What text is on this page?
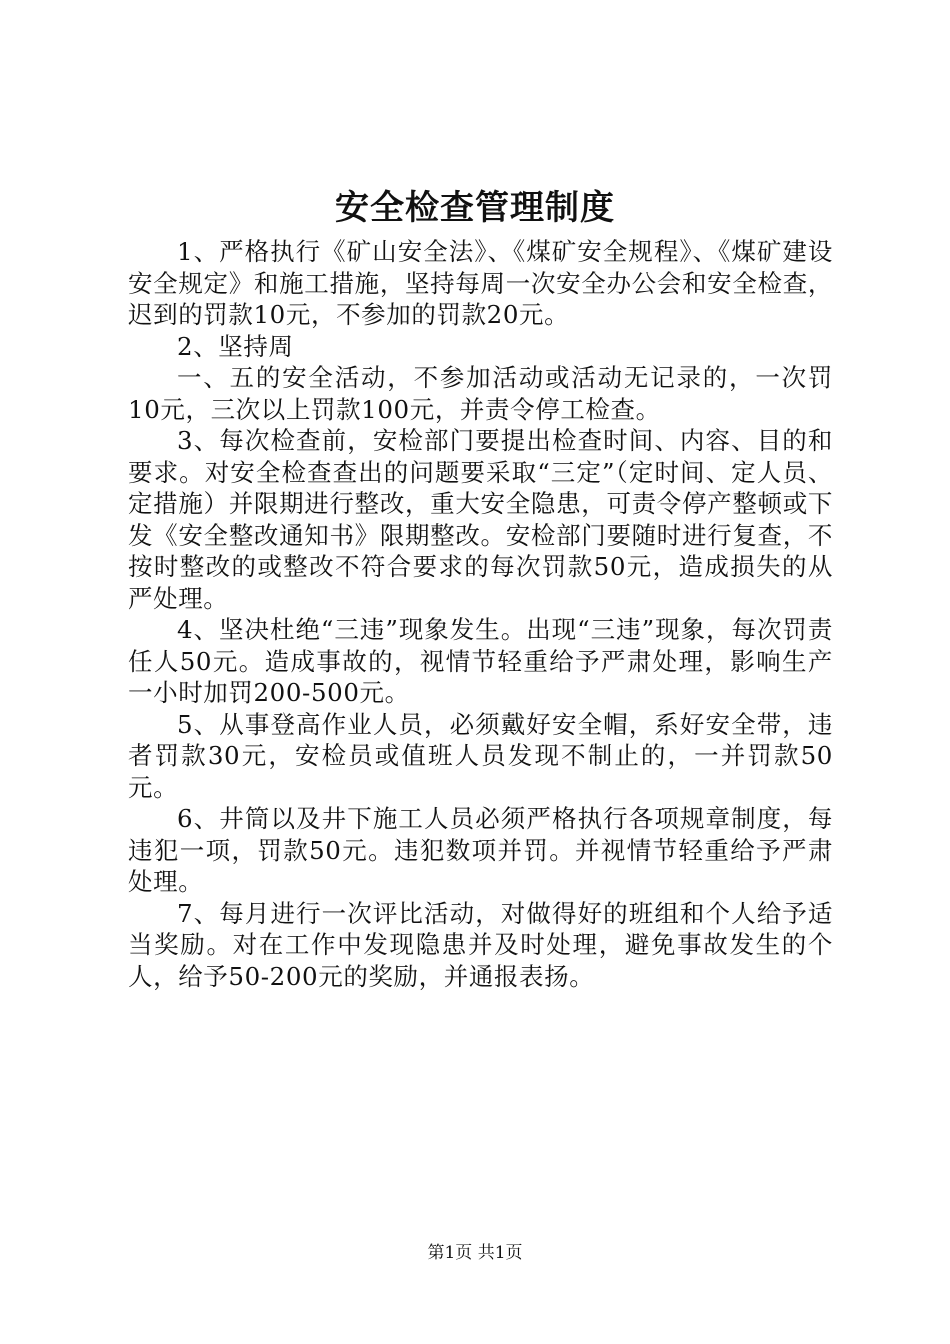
安全检查管理制度

1、严格执行《矿山安全法》、《煤矿安全规程》、《煤矿建设安全规定》和施工措施，坚持每周一次安全办公会和安全检查，迟到的罚款10元，不参加的罚款20元。

2、坚持周

一、五的安全活动，不参加活动或活动无记录的，一次罚10元，三次以上罚款100元，并责令停工检查。

3、每次检查前，安检部门要提出检查时间、内容、目的和要求。对安全检查查出的问题要采取“三定”（定时间、定人员、定措施）并限期进行整改，重大安全隐患，可责令停产整顿或下发《安全整改通知书》限期整改。安检部门要随时进行复查，不按时整改的或整改不符合要求的每次罚款50元，造成损失的从严处理。

4、坚决杜绝“三违”现象发生。出现“三违”现象，每次罚责任人50元。造成事故的，视情节轻重给予严肃处理，影响生产一小时加罚200-500元。

5、从事登高作业人员，必须戴好安全帽，系好安全带，违者罚款30元，安检员或值班人员发现不制止的，一并罚款50元。

6、井筒以及井下施工人员必须严格执行各项规章制度，每违犯一项，罚款50元。违犯数项并罚。并视情节轻重给予严肃处理。

7、每月进行一次评比活动，对做得好的班组和个人给予适当奖励。对在工作中发现隐患并及时处理，避免事故发生的个人，给予50-200元的奖励，并通报表扬。

第1页 共1页
